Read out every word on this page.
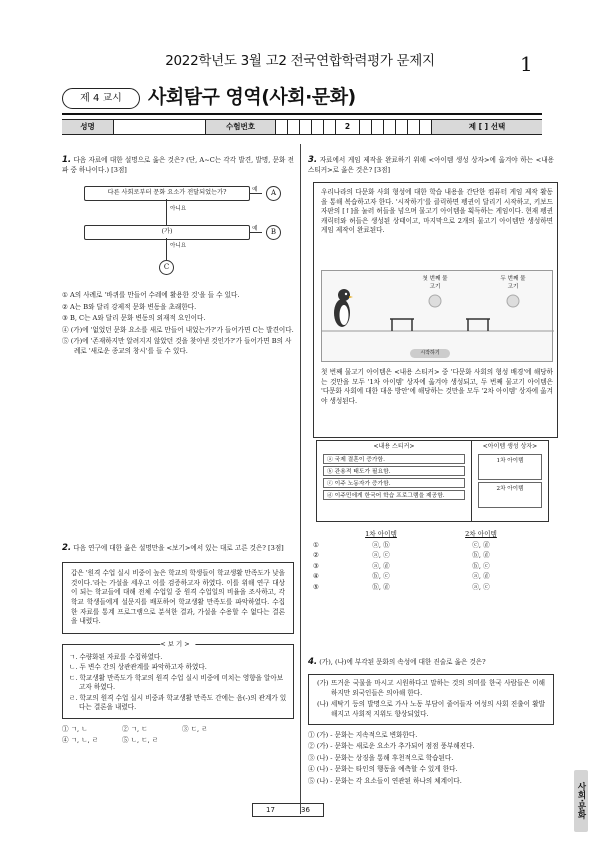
2022학년도 3월 고2 전국연합학력평가 문제지	1
제 4 교시	사회탐구 영역(사회·문화)
성명	수험번호	2	제 [ ] 선택
1. 다음 자료에 대한 설명으로 옳은 것은? (단, A~C는 각각 발견, 발명, 문화 전파 중 하나이다.) [3점]
다른 사회로부터 문화 요소가 전달되었는가?	예	A
아니요
(가)	예	B
아니요
C
① A의 사례로 '바퀴를 만들어 수레에 활용한 것'을 들 수 있다.
② A는 B와 달리 강제적 문화 변동을 초래한다.
③ B, C는 A와 달리 문화 변동의 외재적 요인이다.
④ (가)에 '없었던 문화 요소를 새로 만들어 내었는가?'가 들어가면 C는 발견이다.
⑤ (가)에 '존재하지만 알려지지 않았던 것을 찾아낸 것인가?'가 들어가면 B의 사례로 '새로운 종교의 창시'를 들 수 있다.
2. 다음 연구에 대한 옳은 설명만을 <보기>에서 있는 대로 고른 것은? [3점]
갑은 '원격 수업 실시 비중이 높은 학교의 학생들이 학교생활 만족도가 낮을 것이다.'라는 가설을 세우고 이를 검증하고자 하였다. 이를 위해 연구 대상이 되는 학교들에 대해 전체 수업일 중 원격 수업일의 비율을 조사하고, 각 학교 학생들에게 설문지를 배포하여 학교생활 만족도를 파악하였다. 수집한 자료를 통계 프로그램으로 분석한 결과, 가설을 수용할 수 없다는 결론을 내렸다.
< 보 기 >
ㄱ. 수량화된 자료를 수집하였다.
ㄴ. 두 변수 간의 상관관계를 파악하고자 하였다.
ㄷ. 학교생활 만족도가 학교의 원격 수업 실시 비중에 미치는 영향을 알아보고자 하였다.
ㄹ. 학교의 원격 수업 실시 비중과 학교생활 만족도 간에는 음(-)의 관계가 있다는 결론을 내렸다.
① ㄱ, ㄴ	② ㄱ, ㄷ	③ ㄷ, ㄹ
④ ㄱ, ㄴ, ㄹ	⑤ ㄴ, ㄷ, ㄹ
3. 자료에서 게임 제작을 완료하기 위해 <아이템 생성 상자>에 옮겨야 하는 <내용 스티커>로 옳은 것은? [3점]
우리나라의 다문화 사회 형성에 대한 학습 내용을 간단한 컴퓨터 게임 제작 활동을 통해 복습하고자 한다. '시작하기'를 클릭하면 펭귄이 달리기 시작하고, 키보드 자판의 [↑]을 눌러 허들을 넘으며 물고기 아이템을 획득하는 게임이다. 현재 펭귄 캐릭터와 허들은 생성된 상태이고, 마지막으로 2개의 물고기 아이템만 생성하면 게임 제작이 완료된다.
첫 번째 물고기
두 번째 물고기
시작하기
첫 번째 물고기 아이템은 <내용 스티커> 중 '다문화 사회의 형성 배경'에 해당하는 것만을 모두 '1차 아이템' 상자에 옮겨야 생성되고, 두 번째 물고기 아이템은 '다문화 사회에 대한 대응 방안'에 해당하는 것만을 모두 '2차 아이템' 상자에 옮겨야 생성된다.
<내용 스티커>
ⓐ 국제 결혼이 증가함.
ⓑ 관용적 태도가 필요함.
ⓒ 이주 노동자가 증가함.
ⓓ 이주민에게 한국어 학습 프로그램을 제공함.
<아이템 생성 상자>
1차 아이템
2차 아이템
1차 아이템	2차 아이템
①	ⓐ, ⓑ	ⓒ, ⓓ
②	ⓐ, ⓒ	ⓑ, ⓓ
③	ⓐ, ⓓ	ⓑ, ⓒ
④	ⓑ, ⓒ	ⓐ, ⓓ
⑤	ⓑ, ⓓ	ⓐ, ⓒ
4. (가), (나)에 부각된 문화의 속성에 대한 진술로 옳은 것은?
(가) 뜨거운 국물을 마시고 시원하다고 말하는 것의 의미를 한국 사람들은 이해하지만 외국인들은 의아해 한다.
(나) 세탁기 등의 발명으로 가사 노동 부담이 줄어들자 여성의 사회 진출이 활발해지고 사회적 지위도 향상되었다.
① (가) - 문화는 지속적으로 변화한다.
② (가) - 문화는 새로운 요소가 추가되어 점점 풍부해진다.
③ (나) - 문화는 상징을 통해 후천적으로 학습된다.
④ (나) - 문화는 타인의 행동을 예측할 수 있게 한다.
⑤ (나) - 문화는 각 요소들이 연관된 하나의 체계이다.
17	36	사회·문화
